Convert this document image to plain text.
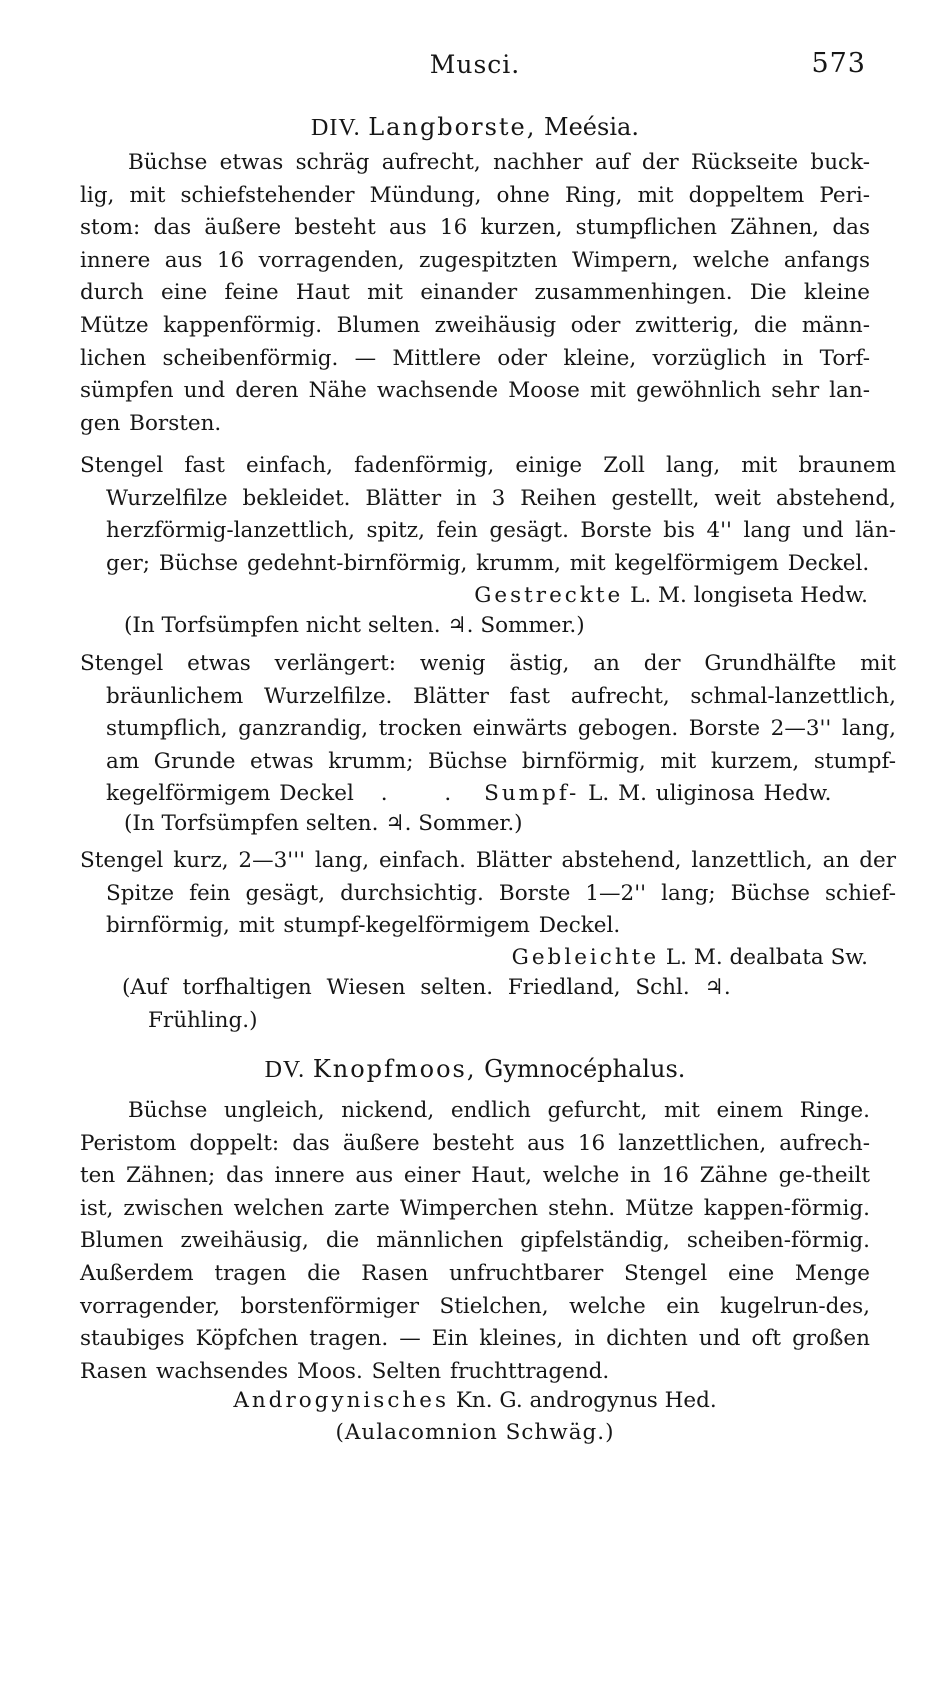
Musci.	573
DIV. Langborste, Meésia.

Büchse etwas schräg aufrecht, nachher auf der Rückseite buck-lig, mit schiefstehender Mündung, ohne Ring, mit doppeltem Peri-stom: das äußere besteht aus 16 kurzen, stumpflichen Zähnen, das innere aus 16 vorragenden, zugespitzten Wimpern, welche anfangs durch eine feine Haut mit einander zusammenhingen. Die kleine Mütze kappenförmig. Blumen zweihäusig oder zwitterig, die männ-lichen scheibenförmig. — Mittlere oder kleine, vorzüglich in Torf-sümpfen und deren Nähe wachsende Moose mit gewöhnlich sehr lan-gen Borsten.

Stengel fast einfach, fadenförmig, einige Zoll lang, mit braunem Wurzelfilze bekleidet. Blätter in 3 Reihen gestellt, weit abstehend, herzförmig-lanzettlich, spitz, fein gesägt. Borste bis 4'' lang und län-ger; Büchse gedehnt-birnförmig, krumm, mit kegelförmigem Deckel.

Gestreckte L. M. longiseta Hedw.
(In Torfsümpfen nicht selten. ♃. Sommer.)

Stengel etwas verlängert: wenig ästig, an der Grundhälfte mit bräunlichem Wurzelfilze. Blätter fast aufrecht, schmal-lanzettlich, stumpflich, ganzrandig, trocken einwärts gebogen. Borste 2—3'' lang, am Grunde etwas krumm; Büchse birnförmig, mit kurzem, stumpf-kegelförmigem Deckel . . Sumpf- L. M. uliginosa Hedw.

(In Torfsümpfen selten. ♃. Sommer.)

Stengel kurz, 2—3''' lang, einfach. Blätter abstehend, lanzettlich, an der Spitze fein gesägt, durchsichtig. Borste 1—2'' lang; Büchse schief-birnförmig, mit stumpf-kegelförmigem Deckel.

Gebleichte L. M. dealbata Sw.
(Auf torfhaltigen Wiesen selten. Friedland, Schl. ♃. Frühling.)
DV. Knopfmoos, Gymnocéphalus.

Büchse ungleich, nickend, endlich gefurcht, mit einem Ringe. Peristom doppelt: das äußere besteht aus 16 lanzettlichen, aufrech-ten Zähnen; das innere aus einer Haut, welche in 16 Zähne ge-theilt ist, zwischen welchen zarte Wimperchen stehn. Mütze kappen-förmig. Blumen zweihäusig, die männlichen gipfelständig, scheiben-förmig. Außerdem tragen die Rasen unfruchtbarer Stengel eine Menge vorragender, borstenförmiger Stielchen, welche ein kugelrun-des, staubiges Köpfchen tragen. — Ein kleines, in dichten und oft großen Rasen wachsendes Moos. Selten fruchttragend.

Androgynisches Kn. G. androgynus Hed.
(Aulacomnion Schwäg.)
